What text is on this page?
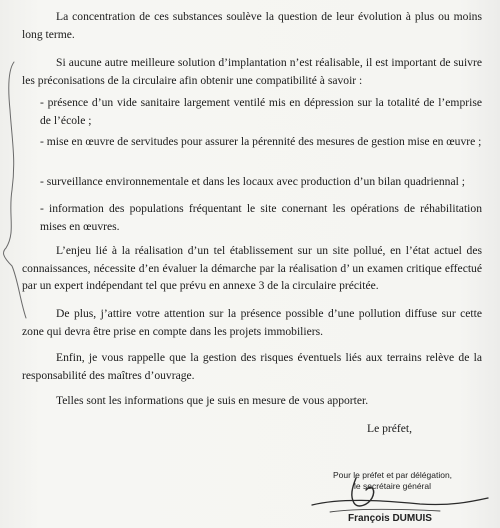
La concentration de ces substances soulève la question de leur évolution à plus ou moins long terme.

Si aucune autre meilleure solution d’implantation n’est réalisable, il est important de suivre les préconisations de la circulaire afin obtenir une compatibilité à savoir :

- présence d’un vide sanitaire largement ventilé mis en dépression sur la totalité de l’emprise de l’école ;

- mise en œuvre de servitudes pour assurer la pérennité des mesures de gestion mise en œuvre ;

- surveillance environnementale et dans les locaux avec production d’un bilan quadriennal ;

- information des populations fréquentant le site conernant les opérations de réhabilitation mises en œuvres.

L’enjeu lié à la réalisation d’un tel établissement sur un site pollué, en l’état actuel des connaissances, nécessite d’en évaluer la démarche par la réalisation d’ un examen critique effectué par un expert indépendant tel que prévu en annexe 3 de la circulaire précitée.

De plus, j’attire votre attention sur la présence possible d’une pollution diffuse sur cette zone qui devra être prise en compte dans les projets immobiliers.

Enfin, je vous rappelle que la gestion des risques éventuels liés aux terrains relève de la responsabilité des maîtres d’ouvrage.

Telles sont les informations que je suis en mesure de vous apporter.

Le préfet,

Pour le préfet et par délégation,
le secrétaire général
François DUMUIS
